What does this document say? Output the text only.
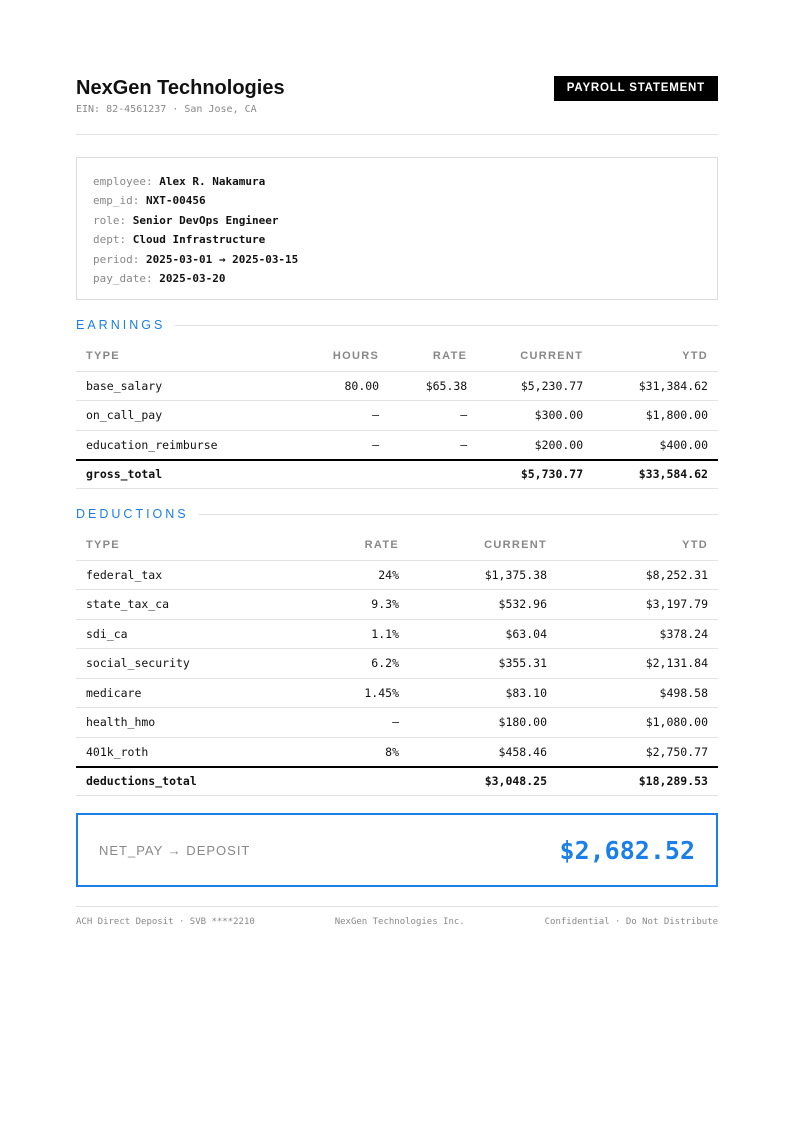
NexGen Technologies
EIN: 82-4561237 · San Jose, CA
PAYROLL STATEMENT
employee: Alex R. Nakamura
emp_id: NXT-00456
role: Senior DevOps Engineer
dept: Cloud Infrastructure
period: 2025-03-01 → 2025-03-15
pay_date: 2025-03-20
EARNINGS
TYPE	HOURS	RATE	CURRENT	YTD
base_salary	80.00	$65.38	$5,230.77	$31,384.62
on_call_pay	—	—	$300.00	$1,800.00
education_reimburse	—	—	$200.00	$400.00
gross_total			$5,730.77	$33,584.62
DEDUCTIONS
TYPE	RATE	CURRENT	YTD
federal_tax	24%	$1,375.38	$8,252.31
state_tax_ca	9.3%	$532.96	$3,197.79
sdi_ca	1.1%	$63.04	$378.24
social_security	6.2%	$355.31	$2,131.84
medicare	1.45%	$83.10	$498.58
health_hmo	—	$180.00	$1,080.00
401k_roth	8%	$458.46	$2,750.77
deductions_total		$3,048.25	$18,289.53
NET_PAY → DEPOSIT	$2,682.52
ACH Direct Deposit · SVB ****2210	NexGen Technologies Inc.	Confidential · Do Not Distribute
